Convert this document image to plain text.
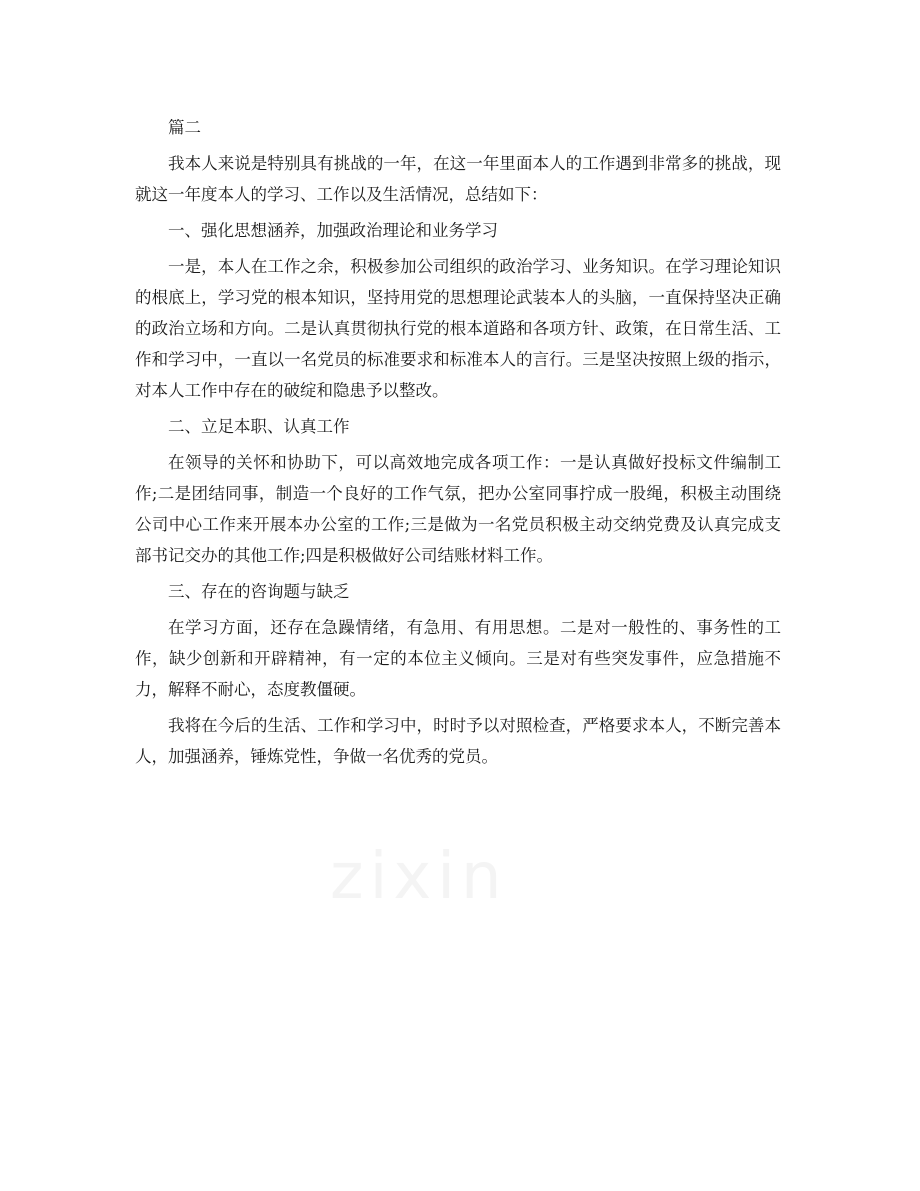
篇二

我本人来说是特别具有挑战的一年，在这一年里面本人的工作遇到非常多的挑战，现就这一年度本人的学习、工作以及生活情况，总结如下：

一、强化思想涵养，加强政治理论和业务学习

一是，本人在工作之余，积极参加公司组织的政治学习、业务知识。在学习理论知识的根底上，学习党的根本知识，坚持用党的思想理论武装本人的头脑，一直保持坚决正确的政治立场和方向。二是认真贯彻执行党的根本道路和各项方针、政策，在日常生活、工作和学习中，一直以一名党员的标准要求和标准本人的言行。三是坚决按照上级的指示，对本人工作中存在的破绽和隐患予以整改。

二、立足本职、认真工作

在领导的关怀和协助下，可以高效地完成各项工作：一是认真做好投标文件编制工作;二是团结同事，制造一个良好的工作气氛，把办公室同事拧成一股绳，积极主动围绕公司中心工作来开展本办公室的工作;三是做为一名党员积极主动交纳党费及认真完成支部书记交办的其他工作;四是积极做好公司结账材料工作。

三、存在的咨询题与缺乏

在学习方面，还存在急躁情绪，有急用、有用思想。二是对一般性的、事务性的工作，缺少创新和开辟精神，有一定的本位主义倾向。三是对有些突发事件，应急措施不力，解释不耐心，态度教僵硬。

我将在今后的生活、工作和学习中，时时予以对照检查，严格要求本人，不断完善本人，加强涵养，锤炼党性，争做一名优秀的党员。

zixin
